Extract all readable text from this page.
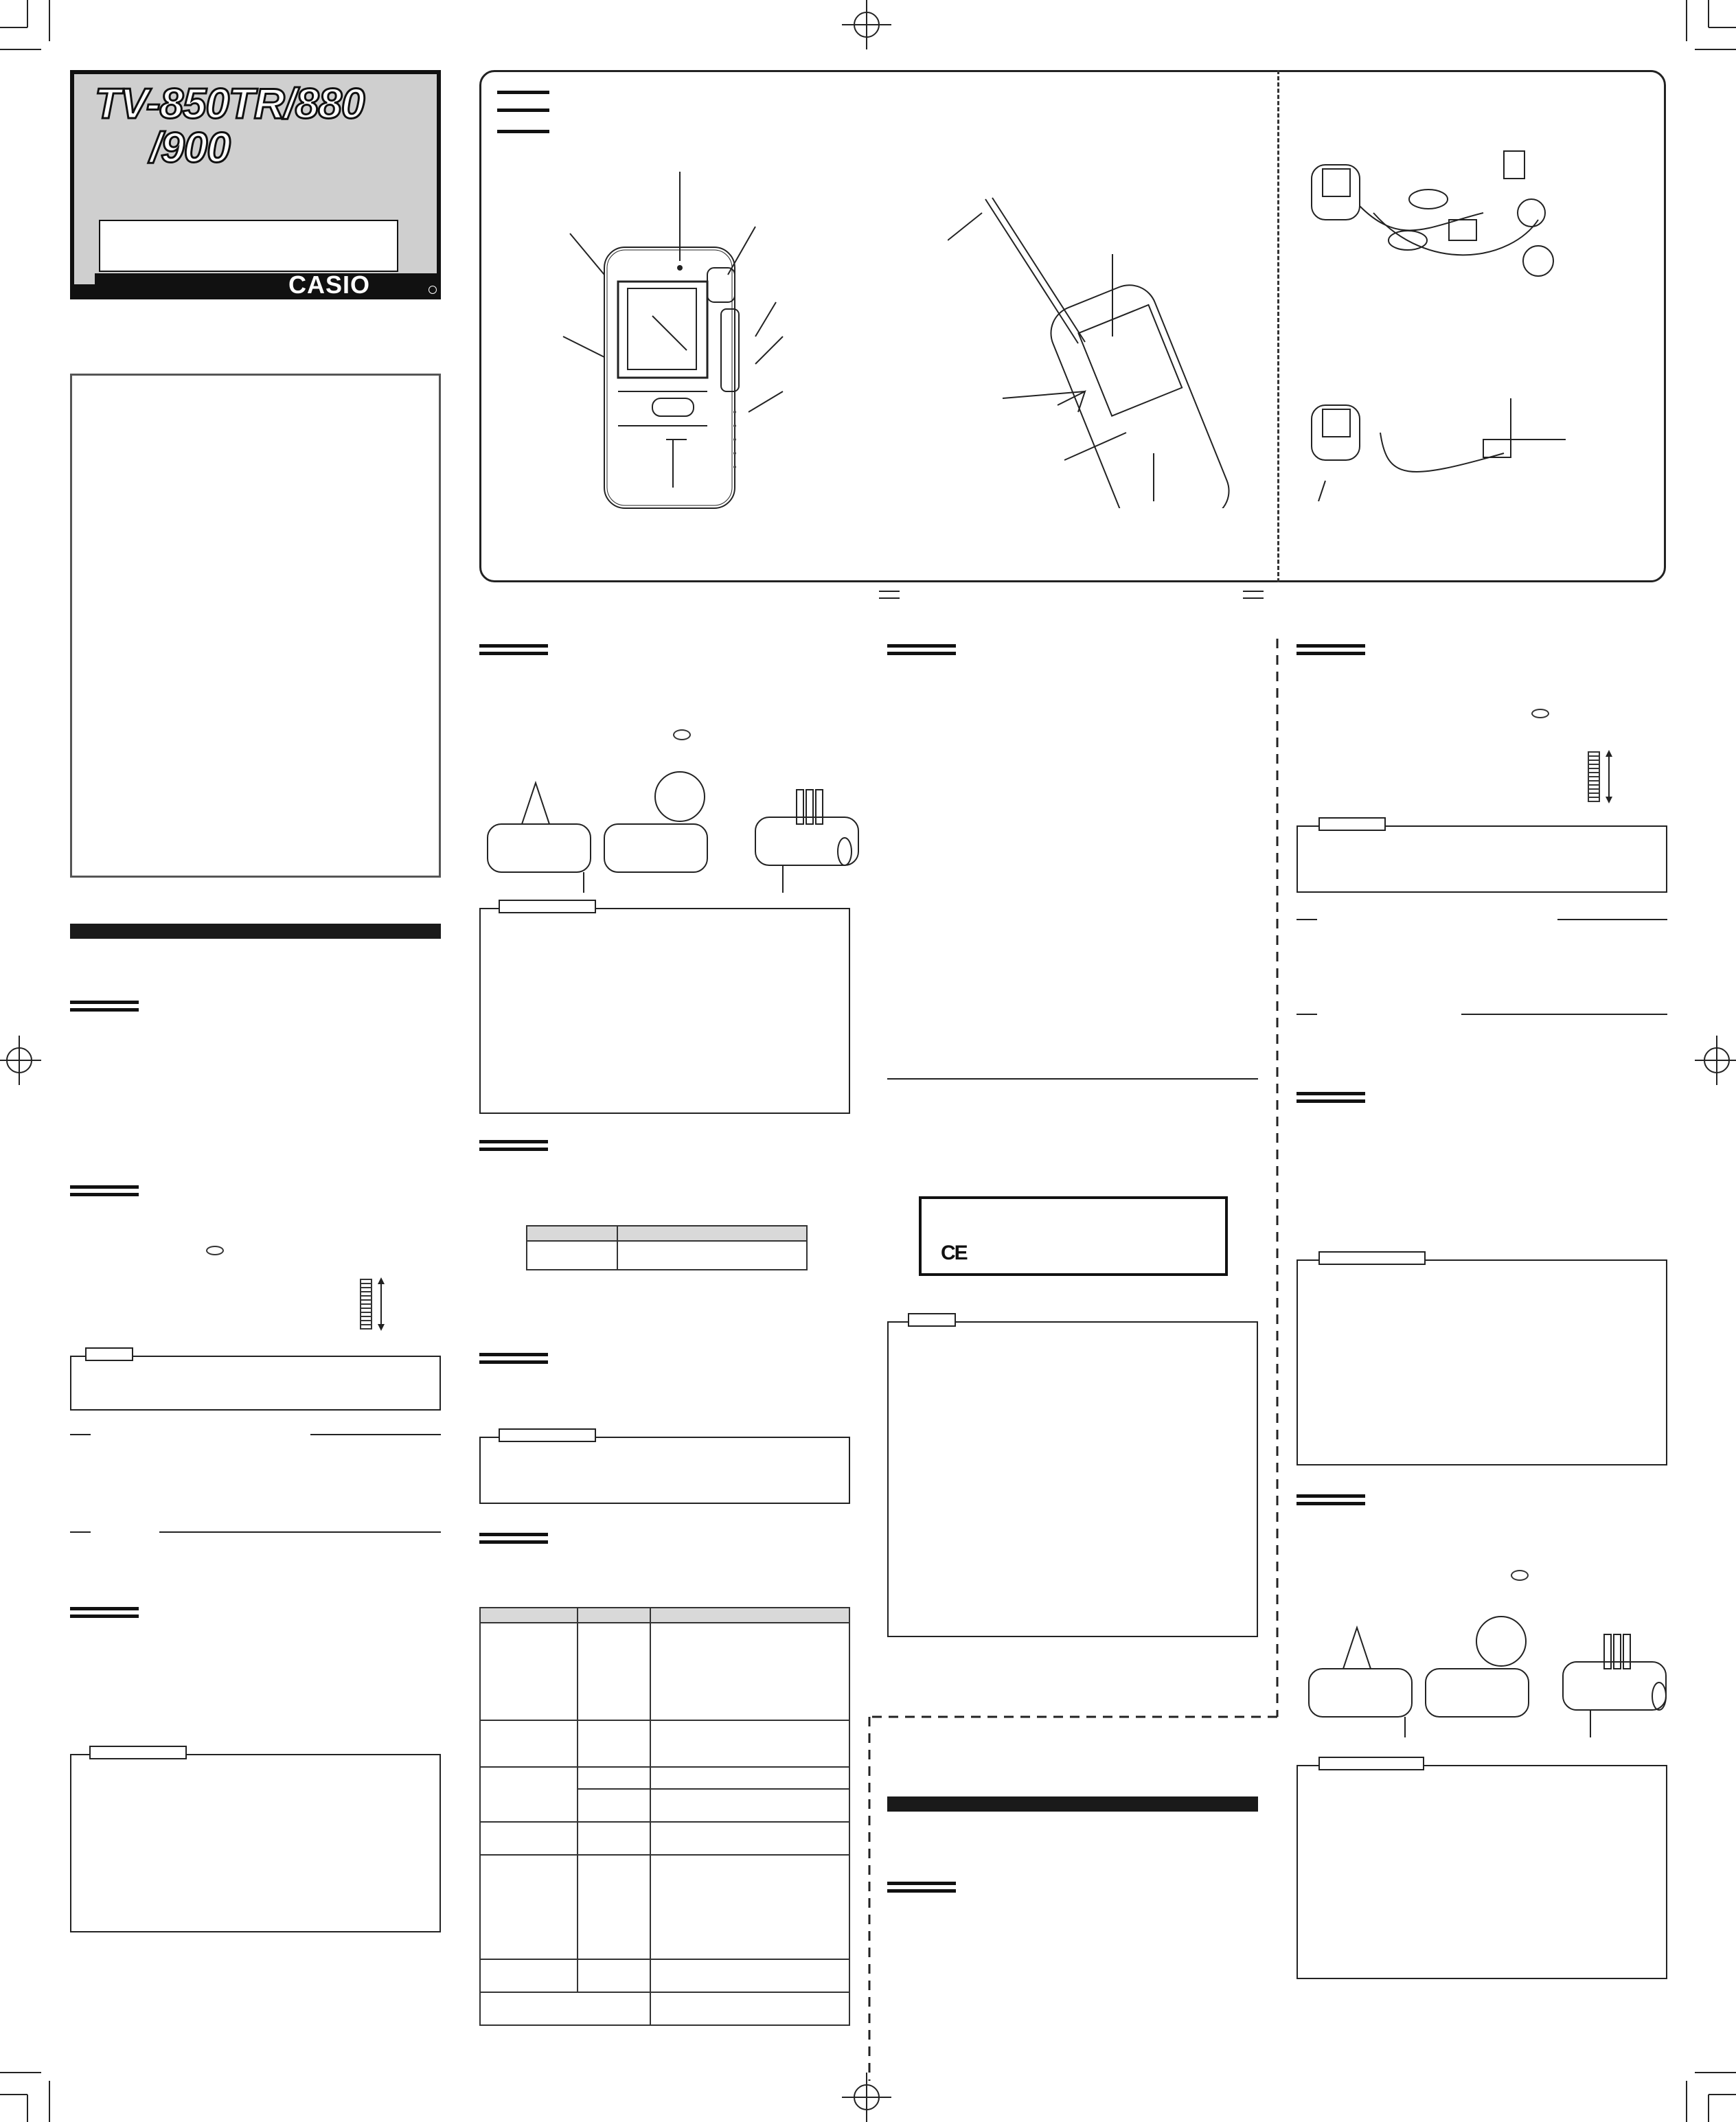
TV-850TR/880
/900
CASIO

CE
